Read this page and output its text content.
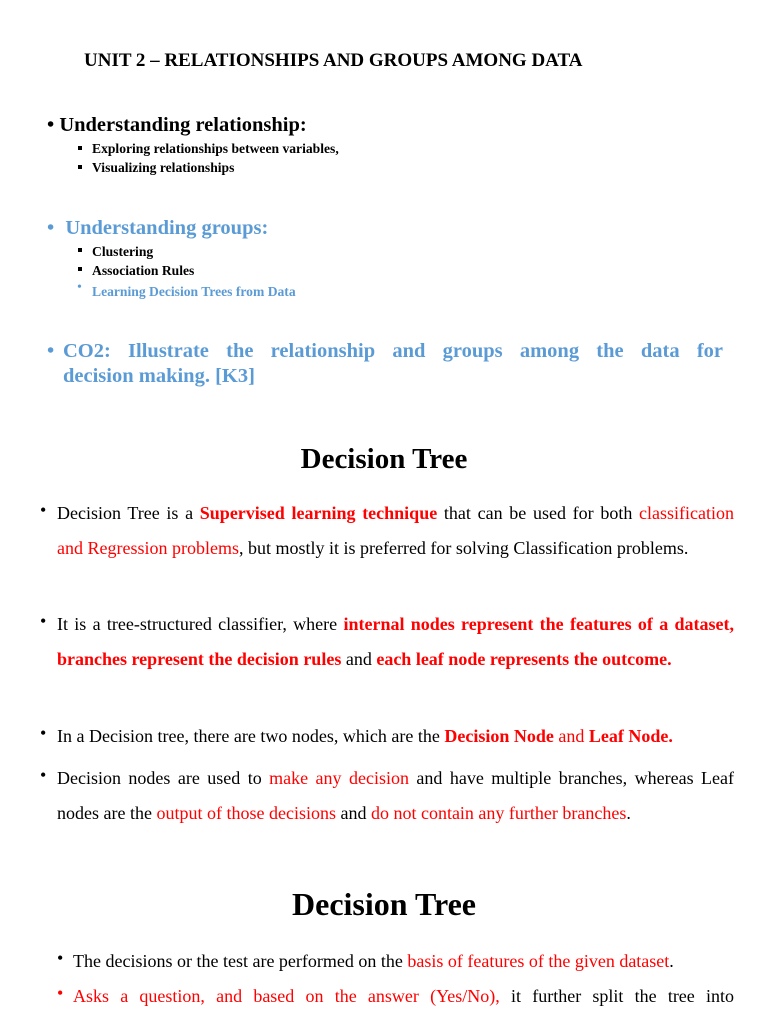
UNIT 2 – RELATIONSHIPS AND GROUPS AMONG DATA
• Understanding relationship:
Exploring relationships between variables,
Visualizing relationships
• Understanding groups:
Clustering
Association Rules
• Learning Decision Trees from Data
• CO2: Illustrate the relationship and groups among the data for
decision making. [K3]
Decision Tree
• Decision Tree is a Supervised learning technique that can be used for both classification and Regression problems, but mostly it is preferred for solving Classification problems.
• It is a tree-structured classifier, where internal nodes represent the features of a dataset, branches represent the decision rules and each leaf node represents the outcome.
• In a Decision tree, there are two nodes, which are the Decision Node and Leaf Node.
• Decision nodes are used to make any decision and have multiple branches, whereas Leaf nodes are the output of those decisions and do not contain any further branches.
Decision Tree
• The decisions or the test are performed on the basis of features of the given dataset.
• Asks a question, and based on the answer (Yes/No), it further split the tree into
